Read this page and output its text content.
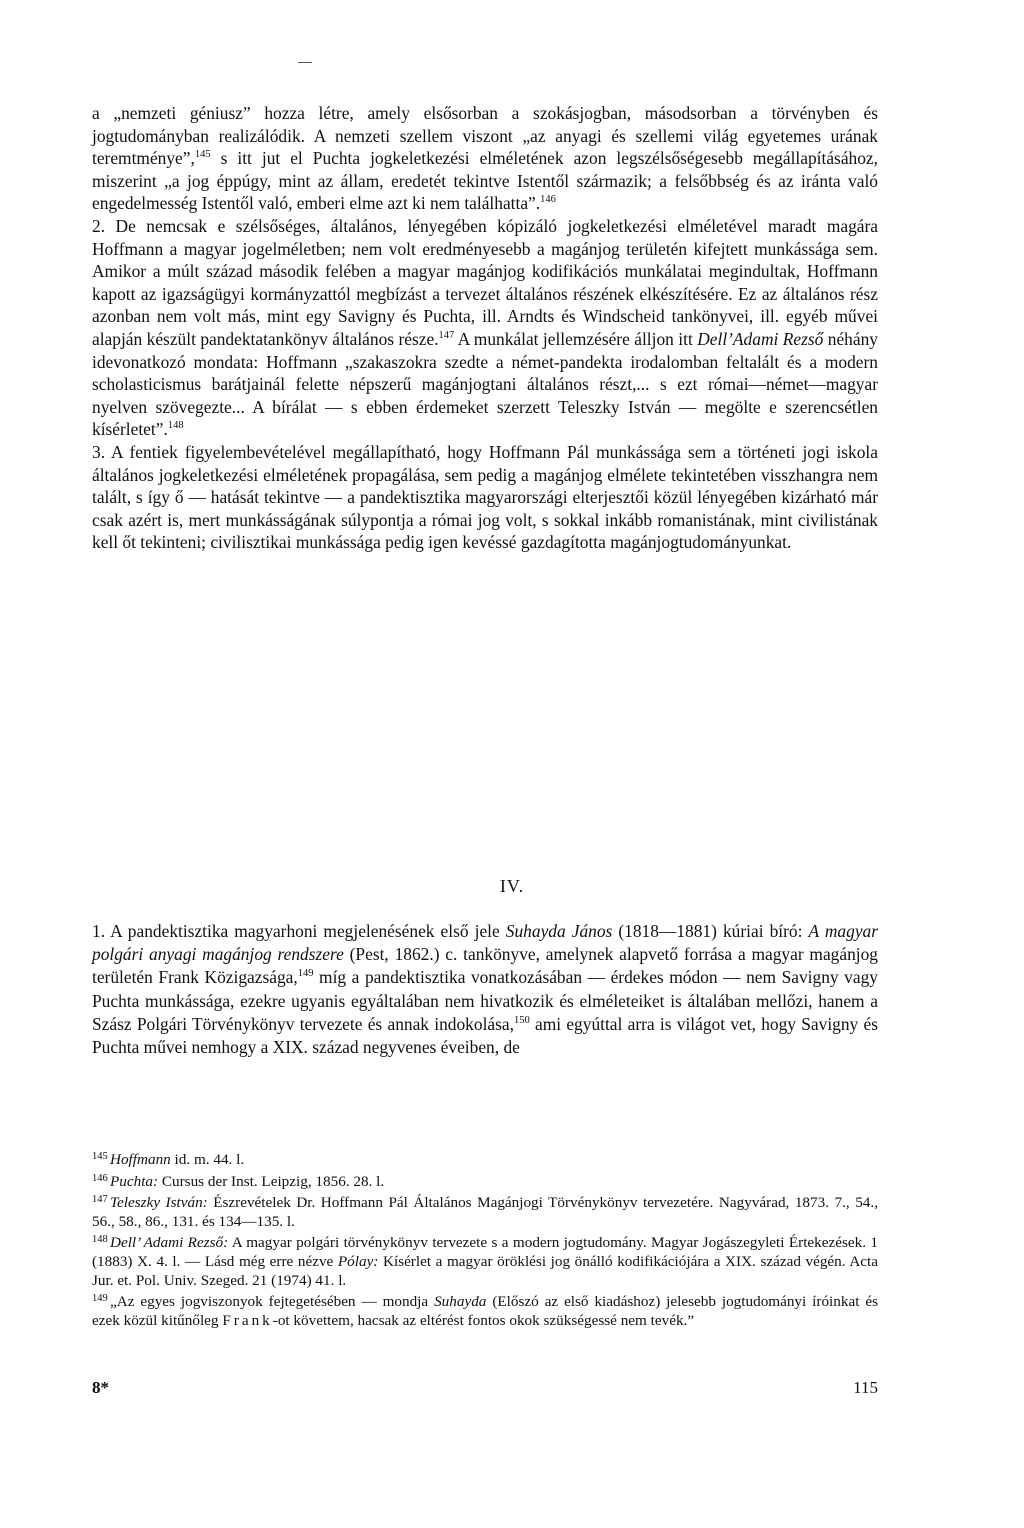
a „nemzeti géniusz” hozza létre, amely elsősorban a szokásjogban, másodsorban a törvényben és jogtudományban realizálódik. A nemzeti szellem viszont „az anyagi és szellemi világ egyetemes urának teremtménye”,$^{145}$ s itt jut el Puchta jogkeletkezési elméletének azon legszélsőségesebb megállapításához, miszerint „a jog éppúgy, mint az állam, eredetét tekintve Istentől származik; a felsőbbség és az iránta való engedelmesség Istentől való, emberi elme azt ki nem találhatta”.$^{146}$

2. De nemcsak e szélsőséges, általános, lényegében kópizáló jogkeletkezési elméletével maradt magára Hoffmann a magyar jogelméletben; nem volt eredményesebb a magánjog területén kifejtett munkássága sem. Amikor a múlt század második felében a magyar magánjog kodifikációs munkálatai megindultak, Hoffmann kapott az igazságügyi kormányzattól megbízást a tervezet általános részének elkészítésére. Ez az általános rész azonban nem volt más, mint egy Savigny és Puchta, ill. Arndts és Windscheid tankönyvei, ill. egyéb művei alapján készült pandektatankönyv általános része.$^{147}$ A munkálat jellemzésére álljon itt Dell’Adami Rezső néhány idevonatkozó mondata: Hoffmann „szakaszokra szedte a német-pandekta irodalomban feltalált és a modern scholasticismus barátjainál felette népszerű magánjogtani általános részt,... s ezt római—német—magyar nyelven szövegezte... A bírálat — s ebben érdemeket szerzett Teleszky István — megölte e szerencsétlen kísérletet”.$^{148}$

3. A fentiek figyelembevételével megállapítható, hogy Hoffmann Pál munkássága sem a történeti jogi iskola általános jogkeletkezési elméletének propagálása, sem pedig a magánjog elmélete tekintetében visszhangra nem talált, s így ő — hatását tekintve — a pandektisztika magyarországi elterjesztői közül lényegében kizárható már csak azért is, mert munkásságának súlypontja a római jog volt, s sokkal inkább romanistának, mint civilistának kell őt tekinteni; civilisztikai munkássága pedig igen kevéssé gazdagította magánjogtudományunkat.

IV.

1. A pandektisztika magyarhoni megjelenésének első jele Suhayda János (1818—1881) kúriai bíró: A magyar polgári anyagi magánjog rendszere (Pest, 1862.) c. tankönyve, amelynek alapvető forrása a magyar magánjog területén Frank Közigazsága,$^{149}$ míg a pandektisztika vonatkozásában — érdekes módon — nem Savigny vagy Puchta munkássága, ezekre ugyanis egyáltalában nem hivatkozik és elméleteiket is általában mellőzi, hanem a Szász Polgári Törvénykönyv tervezete és annak indokolása,$^{150}$ ami egyúttal arra is világot vet, hogy Savigny és Puchta művei nemhogy a XIX. század negyvenes éveiben, de

145 Hoffmann id. m. 44. l.

146 Puchta: Cursus der Inst. Leipzig, 1856. 28. l.

147 Teleszky István: Észrevételek Dr. Hoffmann Pál Általános Magánjogi Törvénykönyv tervezetére. Nagyvárad, 1873. 7., 54., 56., 58., 86., 131. és 134—135. l.

148 Dell’ Adami Rezső: A magyar polgári törvénykönyv tervezete s a modern jogtudomány. Magyar Jogászegyleti Értekezések. 1 (1883) X. 4. l. — Lásd még erre nézve Pólay: Kísérlet a magyar öröklési jog önálló kodifikációjára a XIX. század végén. Acta Jur. et. Pol. Univ. Szeged. 21 (1974) 41. l.

149 „Az egyes jogviszonyok fejtegetésében — mondja Suhayda (Előszó az első kiadáshoz) jelesebb jogtudományi íróinkat és ezek közül kitűnőleg Frank-ot követtem, hacsak az eltérést fontos okok szükségessé nem tevék.”

8*	115
